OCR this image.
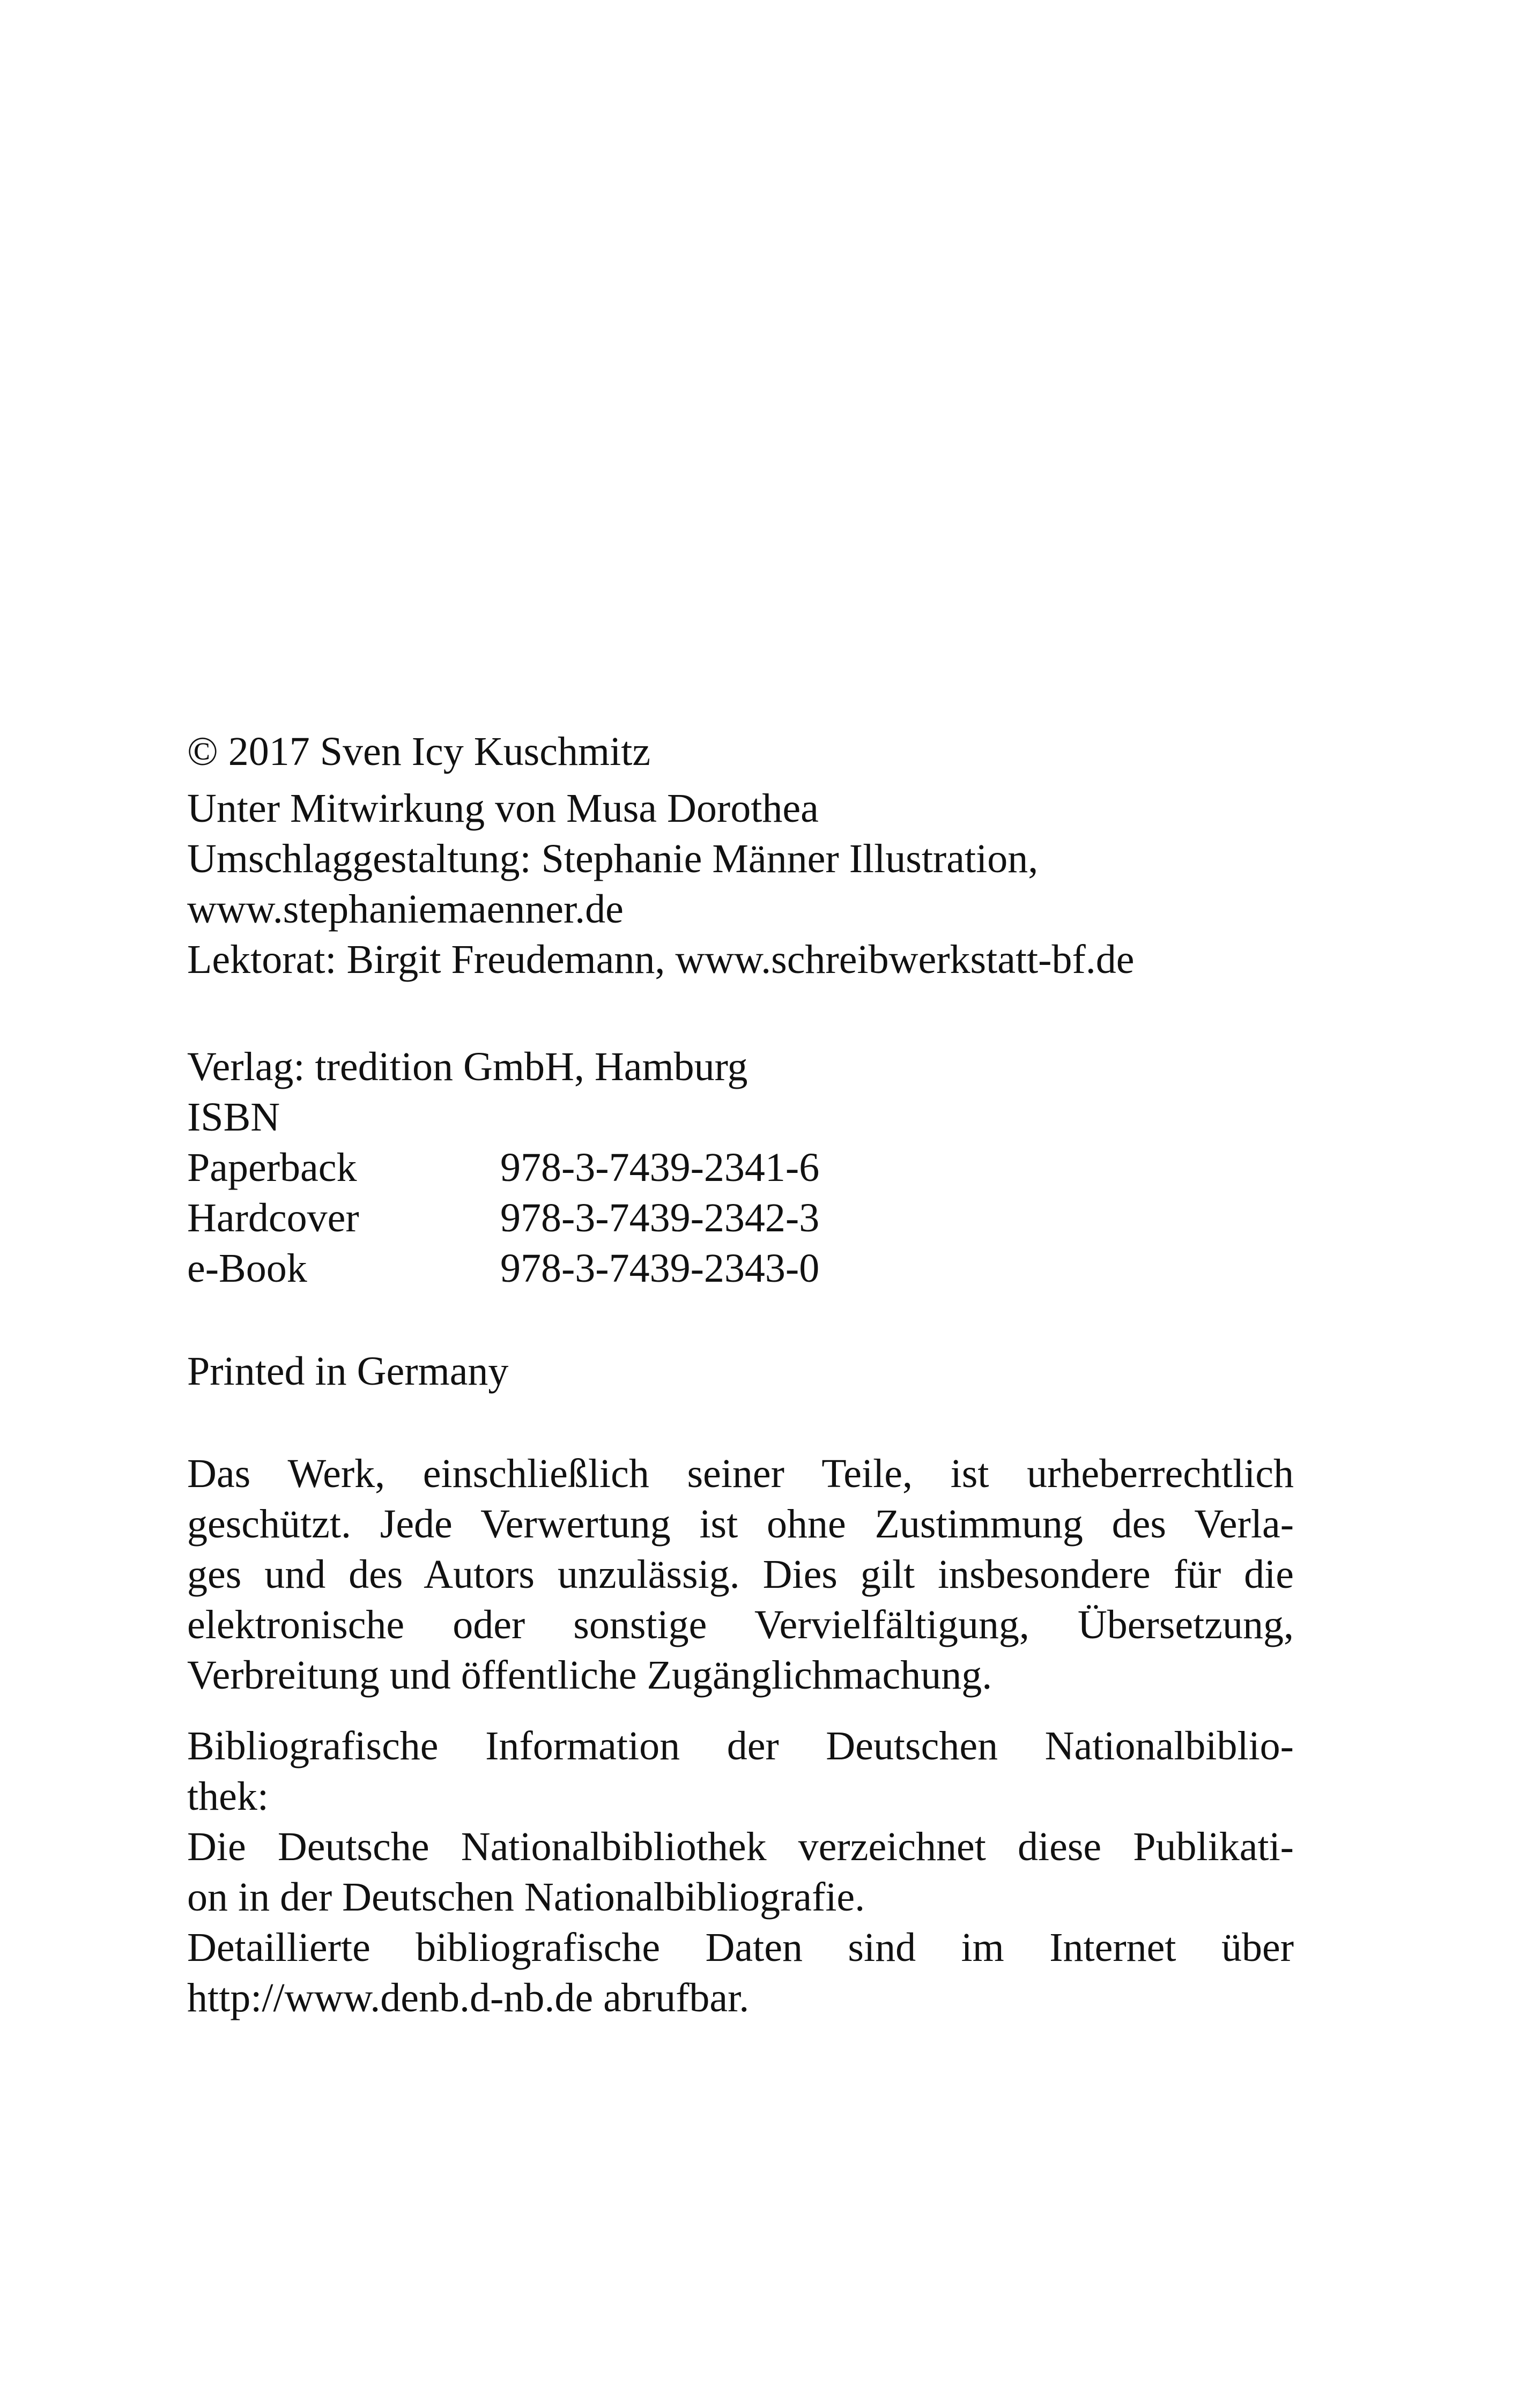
© 2017 Sven Icy Kuschmitz
Unter Mitwirkung von Musa Dorothea
Umschlaggestaltung: Stephanie Männer Illustration,
www.stephaniemaenner.de
Lektorat: Birgit Freudemann, www.schreibwerkstatt-bf.de
Verlag: tredition GmbH, Hamburg
ISBN
Paperback	978-3-7439-2341-6
Hardcover	978-3-7439-2342-3
e-Book	978-3-7439-2343-0
Printed in Germany
Das Werk, einschließlich seiner Teile, ist urheberrechtlich
geschützt. Jede Verwertung ist ohne Zustimmung des Verla-
ges und des Autors unzulässig. Dies gilt insbesondere für die
elektronische oder sonstige Vervielfältigung, Übersetzung,
Verbreitung und öffentliche Zugänglichmachung.
Bibliografische Information der Deutschen Nationalbiblio-
thek:
Die Deutsche Nationalbibliothek verzeichnet diese Publikati-
on in der Deutschen Nationalbibliografie.
Detaillierte bibliografische Daten sind im Internet über
http://www.denb.d-nb.de abrufbar.
